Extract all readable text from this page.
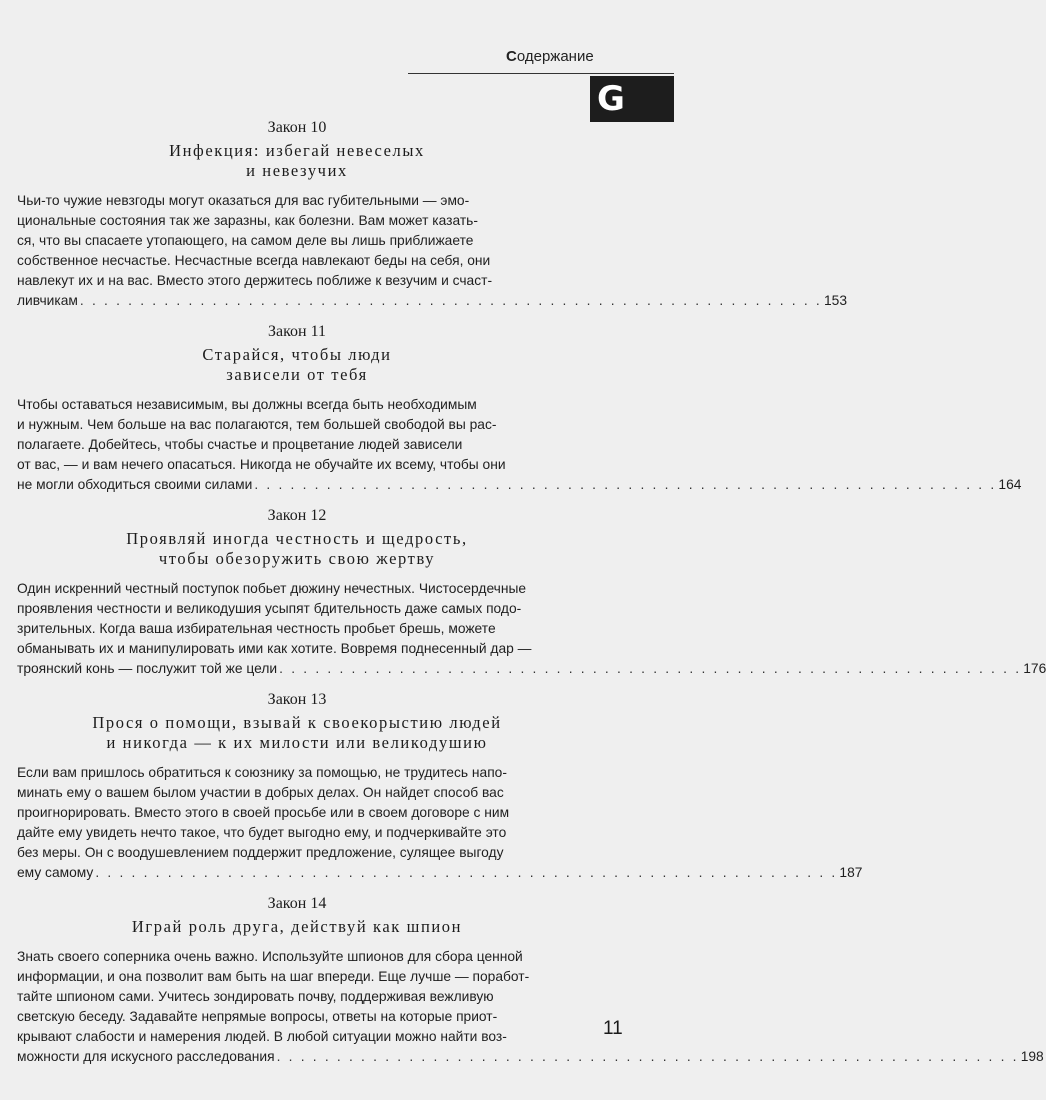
Содержание
G
Закон 10
Инфекция: избегай невеселых
и невезучих
Чьи-то чужие невзгоды могут оказаться для вас губительными — эмо-
циональные состояния так же заразны, как болезни. Вам может казать-
ся, что вы спасаете утопающего, на самом деле вы лишь приближаете
собственное несчастье. Несчастные всегда навлекают беды на себя, они
навлекут их и на вас. Вместо этого держитесь поближе к везучим и счаст-
ливчикам . . . . . . . . . . . . . . . . . . . . . . . . . . . . . . . . . . . . . . . . . . . . . . . . . . . . . . . . . . . . . . 153
Закон 11
Старайся, чтобы люди
зависели от тебя
Чтобы оставаться независимым, вы должны всегда быть необходимым
и нужным. Чем больше на вас полагаются, тем большей свободой вы рас-
полагаете. Добейтесь, чтобы счастье и процветание людей зависели
от вас, — и вам нечего опасаться. Никогда не обучайте их всему, чтобы они
не могли обходиться своими силами . . . . . . . . . . . . . . . . . . . . . . . . . . . . . . . . . . . . . . . . . . . . . . . . . . . . . . . . . . . . . . 164
Закон 12
Проявляй иногда честность и щедрость,
чтобы обезоружить свою жертву
Один искренний честный поступок побьет дюжину нечестных. Чистосердечные
проявления честности и великодушия усыпят бдительность даже самых подо-
зрительных. Когда ваша избирательная честность пробьет брешь, можете
обманывать их и манипулировать ими как хотите. Вовремя поднесенный дар —
троянский конь — послужит той же цели . . . . . . . . . . . . . . . . . . . . . . . . . . . . . . . . . . . . . . . . . . . . . . . . . . . . . . . . . . . . . . 176
Закон 13
Прося о помощи, взывай к своекорыстию людей
и никогда — к их милости или великодушию
Если вам пришлось обратиться к союзнику за помощью, не трудитесь напо-
минать ему о вашем былом участии в добрых делах. Он найдет способ вас
проигнорировать. Вместо этого в своей просьбе или в своем договоре с ним
дайте ему увидеть нечто такое, что будет выгодно ему, и подчеркивайте это
без меры. Он с воодушевлением поддержит предложение, сулящее выгоду
ему самому . . . . . . . . . . . . . . . . . . . . . . . . . . . . . . . . . . . . . . . . . . . . . . . . . . . . . . . . . . . . . . 187
Закон 14
Играй роль друга, действуй как шпион
Знать своего соперника очень важно. Используйте шпионов для сбора ценной
информации, и она позволит вам быть на шаг впереди. Еще лучше — поработ-
тайте шпионом сами. Учитесь зондировать почву, поддерживая вежливую
светскую беседу. Задавайте непрямые вопросы, ответы на которые приот-
крывают слабости и намерения людей. В любой ситуации можно найти воз-
можности для искусного расследования . . . . . . . . . . . . . . . . . . . . . . . . . . . . . . . . . . . . . . . . . . . . . . . . . . . . . . . . . . . . . . 198
11
